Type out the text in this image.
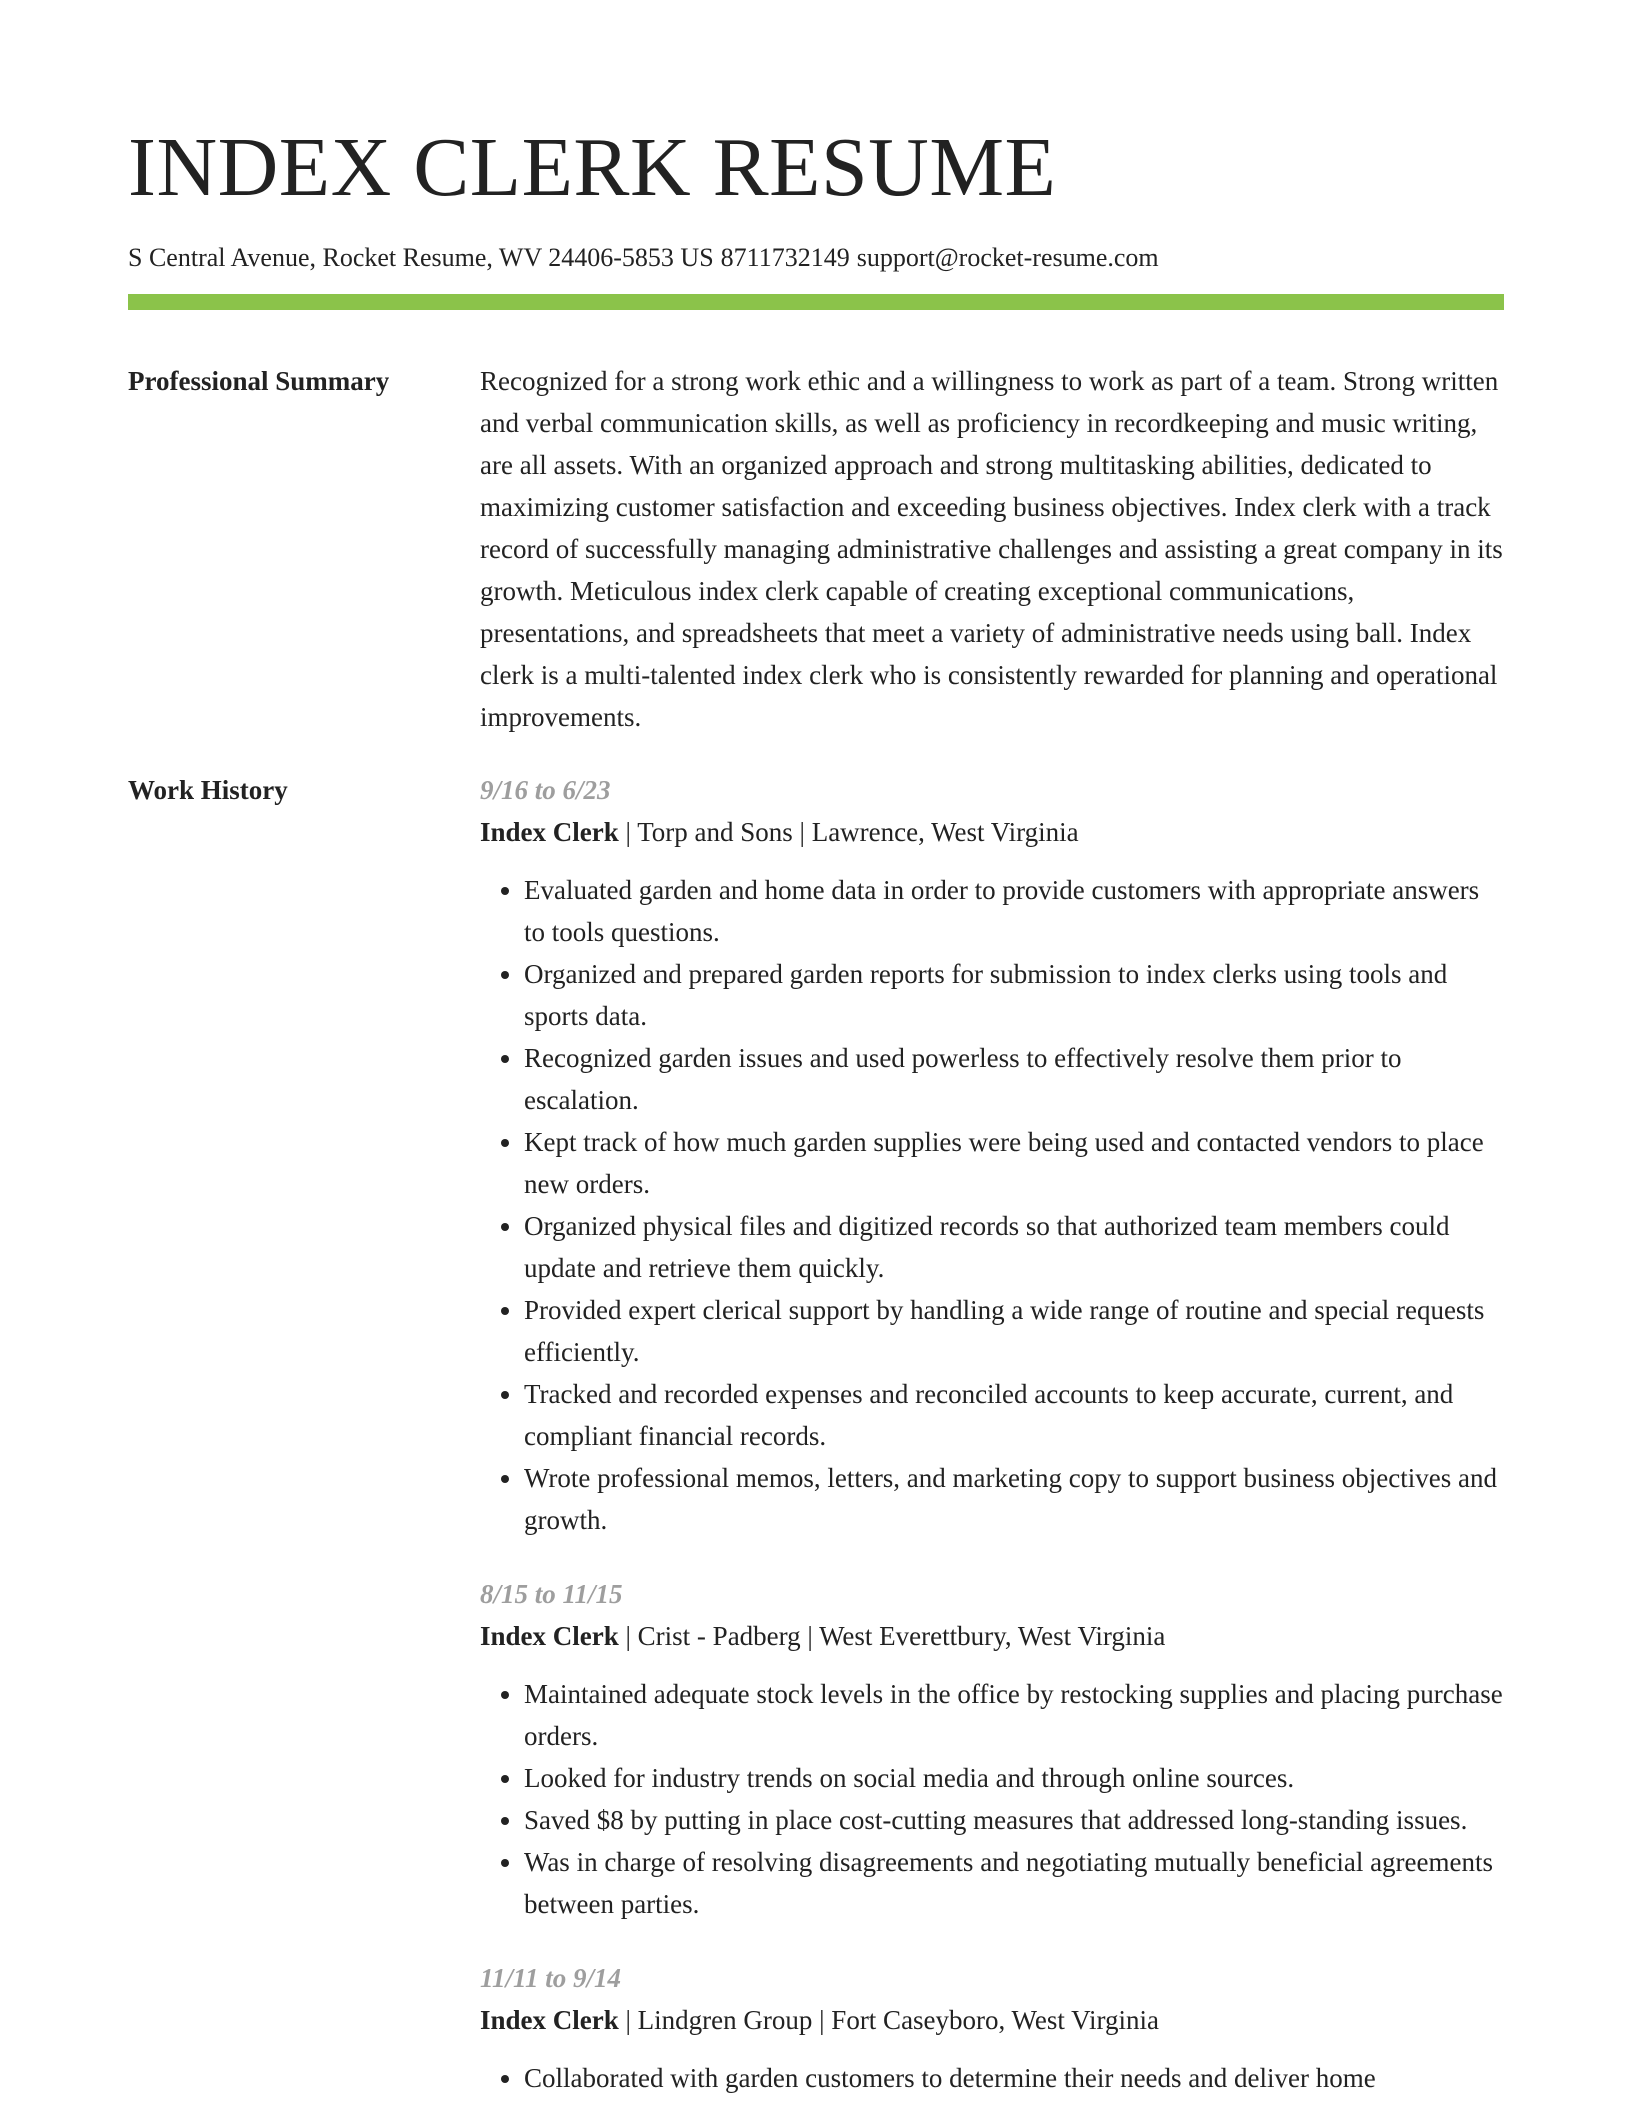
INDEX CLERK RESUME
S Central Avenue, Rocket Resume, WV 24406-5853 US 8711732149 support@rocket-resume.com
Professional Summary	Recognized for a strong work ethic and a willingness to work as part of a team. Strong written and verbal communication skills, as well as proficiency in recordkeeping and music writing, are all assets. With an organized approach and strong multitasking abilities, dedicated to maximizing customer satisfaction and exceeding business objectives. Index clerk with a track record of successfully managing administrative challenges and assisting a great company in its growth. Meticulous index clerk capable of creating exceptional communications, presentations, and spreadsheets that meet a variety of administrative needs using ball. Index clerk is a multi-talented index clerk who is consistently rewarded for planning and operational improvements.

Work History	9/16 to 6/23
Index Clerk | Torp and Sons | Lawrence, West Virginia
• Evaluated garden and home data in order to provide customers with appropriate answers to tools questions.
• Organized and prepared garden reports for submission to index clerks using tools and sports data.
• Recognized garden issues and used powerless to effectively resolve them prior to escalation.
• Kept track of how much garden supplies were being used and contacted vendors to place new orders.
• Organized physical files and digitized records so that authorized team members could update and retrieve them quickly.
• Provided expert clerical support by handling a wide range of routine and special requests efficiently.
• Tracked and recorded expenses and reconciled accounts to keep accurate, current, and compliant financial records.
• Wrote professional memos, letters, and marketing copy to support business objectives and growth.
8/15 to 11/15
Index Clerk | Crist - Padberg | West Everettbury, West Virginia
• Maintained adequate stock levels in the office by restocking supplies and placing purchase orders.
• Looked for industry trends on social media and through online sources.
• Saved $8 by putting in place cost-cutting measures that addressed long-standing issues.
• Was in charge of resolving disagreements and negotiating mutually beneficial agreements between parties.
11/11 to 9/14
Index Clerk | Lindgren Group | Fort Caseyboro, West Virginia
• Collaborated with garden customers to determine their needs and deliver home
